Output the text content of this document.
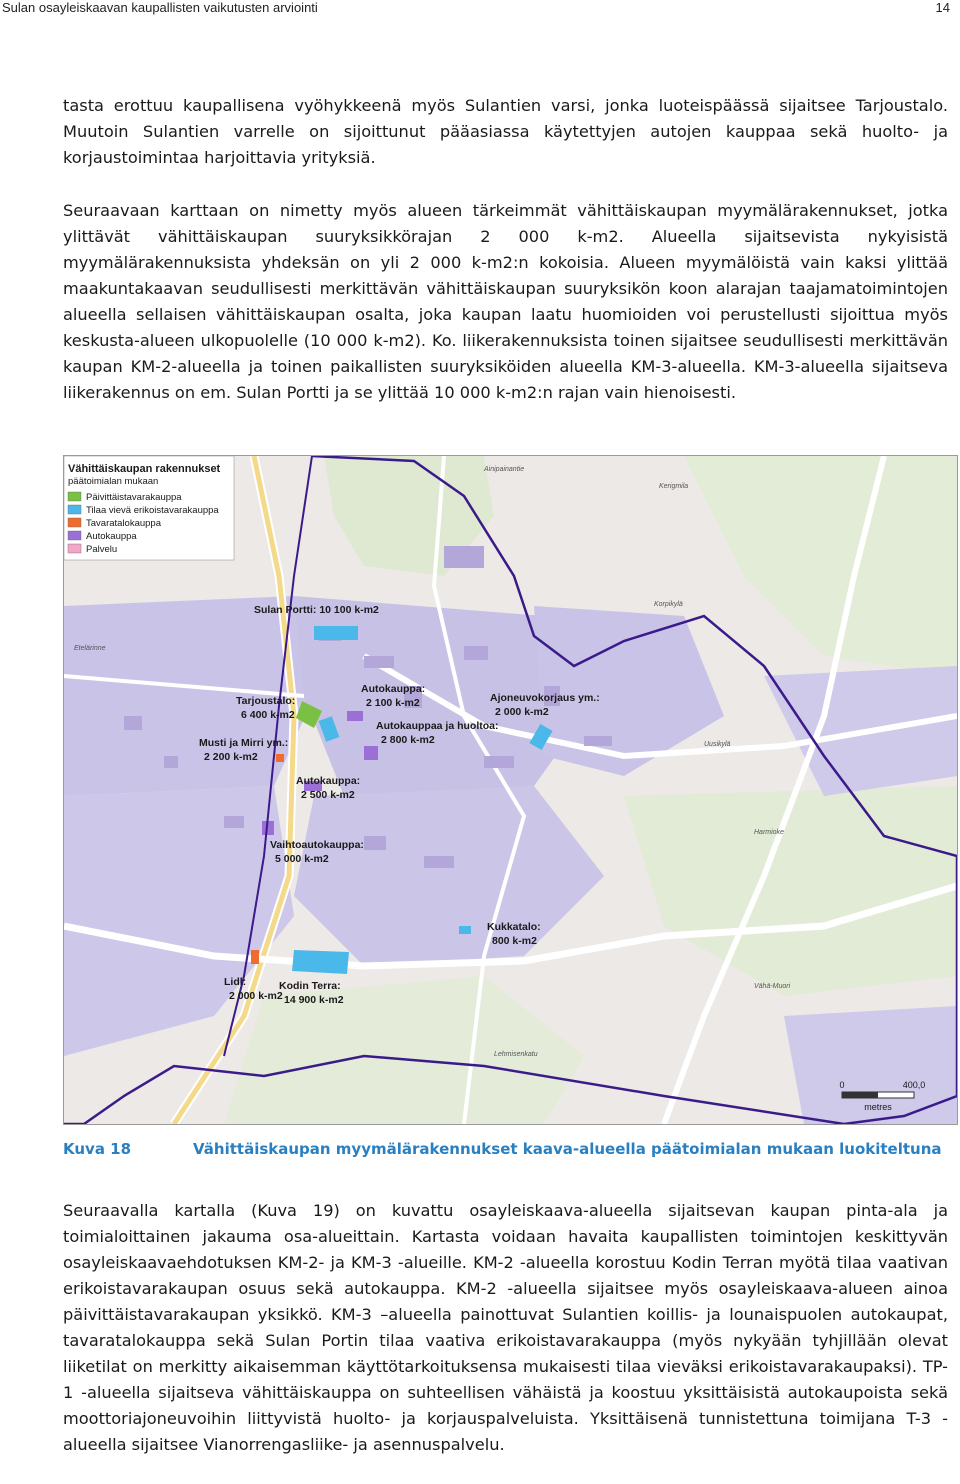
Sulan osayleiskaavan kaupallisten vaikutusten arviointi	14

tasta erottuu kaupallisena vyöhykkeenä myös Sulantien varsi, jonka luoteispäässä sijaitsee Tarjoustalo. Muutoin Sulantien varrelle on sijoittunut pääasiassa käytettyjen autojen kauppaa sekä huolto- ja korjaustoimintaa harjoittavia yrityksiä.

Seuraavaan karttaan on nimetty myös alueen tärkeimmät vähittäiskaupan myymälärakennukset, jotka ylittävät vähittäiskaupan suuryksikkörajan 2 000 k-m2. Alueella sijaitsevista nykyisistä myymälärakennuksista yhdeksän on yli 2 000 k-m2:n kokoisia. Alueen myymälöistä vain kaksi ylittää maakuntakaavan seudullisesti merkittävän vähittäiskaupan suuryksikön koon alarajan taajamatoimintojen alueella sellaisen vähittäiskaupan osalta, joka kaupan laatu huomioiden voi perustellusti sijoittua myös keskusta-alueen ulkopuolelle (10 000 k-m2). Ko. liikerakennuksista toinen sijaitsee seudullisesti merkittävän kaupan KM-2-alueella ja toinen paikallisten suuryksiköiden alueella KM-3-alueella. KM-3-alueella sijaitseva liikerakennus on em. Sulan Portti ja se ylittää 10 000 k-m2:n rajan vain hienoisesti.

Vähittäiskaupan rakennukset
päätoimialan mukaan
Päivittäistavarakauppa
Tilaa vievä erikoistavarakauppa
Tavaratalokauppa
Autokauppa
Palvelu
Sulan Portti: 10 100 k-m2
Tarjoustalo:
6 400 k-m2
Autokauppa:
2 100 k-m2	Ajoneuvokorjaus ym.:
2 000 k-m2
Autokauppaa ja huoltoa:
2 800 k-m2
Musti ja Mirri ym.:
2 200 k-m2
Autokauppa:
2 500 k-m2
Vaihtoautokauppa:
5 000 k-m2
Kukkatalo:
800 k-m2
Lidl:
2 000 k-m2
Kodin Terra:
14 900 k-m2
Ainipainantie
Kerigmila
Korpikylä
Etelärinne
Uusikylä
Harmioke
Vähä-Muori
Lehmisenkatu
0	400,0
metres
Kuva 18	Vähittäiskaupan myymälärakennukset kaava-alueella päätoimialan mukaan luokiteltuna

Seuraavalla kartalla (Kuva 19) on kuvattu osayleiskaava-alueella sijaitsevan kaupan pinta-ala ja toimialoittainen jakauma osa-alueittain. Kartasta voidaan havaita kaupallisten toimintojen keskittyvän osayleiskaavaehdotuksen KM-2- ja KM-3 -alueille. KM-2 -alueella korostuu Kodin Terran myötä tilaa vaativan erikoistavarakaupan osuus sekä autokauppa. KM-2 -alueella sijaitsee myös osayleiskaava-alueen ainoa päivittäistavarakaupan yksikkö. KM-3 –alueella painottuvat Sulantien koillis- ja lounaispuolen autokaupat, tavaratalokauppa sekä Sulan Portin tilaa vaativa erikoistavarakauppa (myös nykyään tyhjillään olevat liiketilat on merkitty aikaisemman käyttötarkoituksensa mukaisesti tilaa vieväksi erikoistavarakaupaksi). TP-1 -alueella sijaitseva vähittäiskauppa on suhteellisen vähäistä ja koostuu yksittäisistä autokaupoista sekä moottoriajoneuvoihin liittyvistä huolto- ja korjauspalveluista. Yksittäisenä tunnistettuna toimijana T-3 -alueella sijaitsee Vianorrengasliike- ja asennuspalvelu.
